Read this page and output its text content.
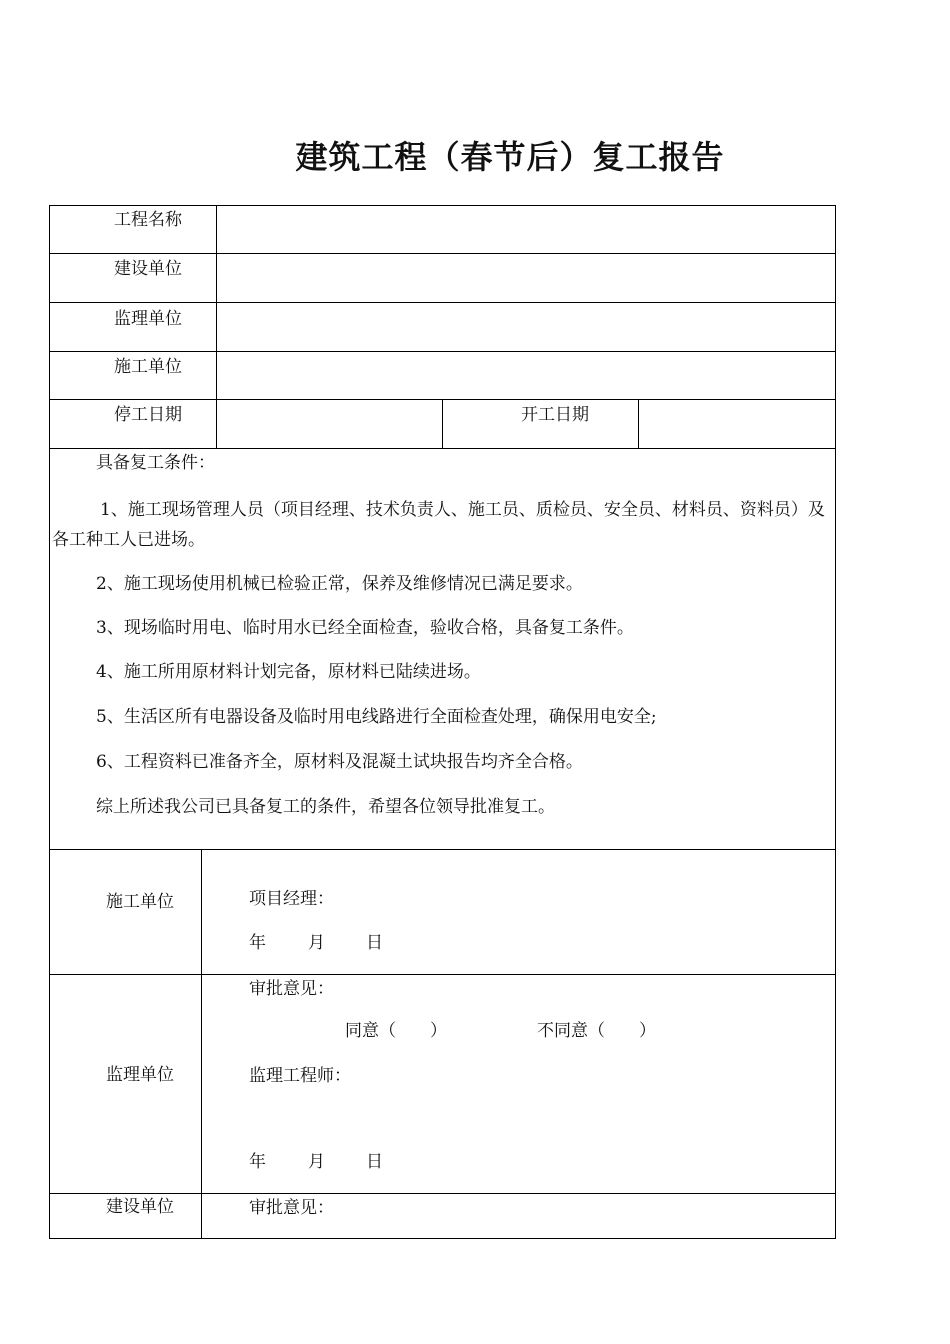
建筑工程（春节后）复工报告
工程名称
建设单位
监理单位
施工单位
停工日期	开工日期
具备复工条件：
1、施工现场管理人员（项目经理、技术负责人、施工员、质检员、安全员、材料员、资料员）及各工种工人已进场。
2、施工现场使用机械已检验正常，保养及维修情况已满足要求。
3、现场临时用电、临时用水已经全面检查，验收合格，具备复工条件。
4、施工所用原材料计划完备，原材料已陆续进场。
5、生活区所有电器设备及临时用电线路进行全面检查处理，确保用电安全;
6、工程资料已准备齐全，原材料及混凝土试块报告均齐全合格。
综上所述我公司已具备复工的条件，希望各位领导批准复工。
施工单位	项目经理：
年 月 日
监理单位
审批意见：
同意（　　）	不同意（　　）
监理工程师：
年 月 日
建设单位	审批意见：
